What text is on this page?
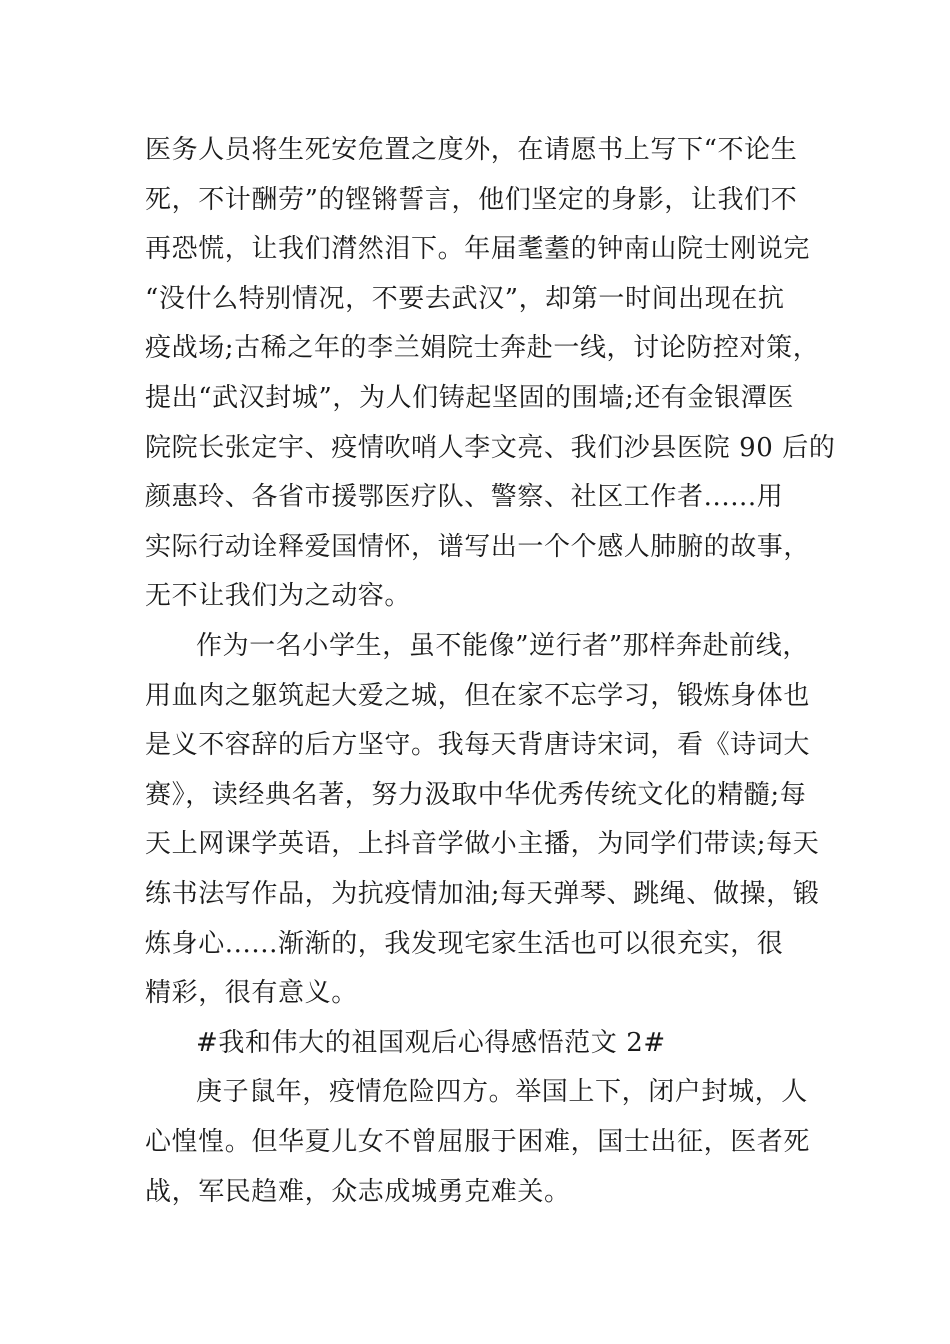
医务人员将生死安危置之度外，在请愿书上写下“不论生
死，不计酬劳”的铿锵誓言，他们坚定的身影，让我们不
再恐慌，让我们潸然泪下。年届耄耋的钟南山院士刚说完
“没什么特别情况，不要去武汉”，却第一时间出现在抗
疫战场;古稀之年的李兰娟院士奔赴一线，讨论防控对策，
提出“武汉封城”，为人们铸起坚固的围墙;还有金银潭医
院院长张定宇、疫情吹哨人李文亮、我们沙县医院 90 后的
颜惠玲、各省市援鄂医疗队、警察、社区工作者......用
实际行动诠释爱国情怀，谱写出一个个感人肺腑的故事，
无不让我们为之动容。
作为一名小学生，虽不能像”逆行者”那样奔赴前线，
用血肉之躯筑起大爱之城，但在家不忘学习，锻炼身体也
是义不容辞的后方坚守。我每天背唐诗宋词，看《诗词大
赛》，读经典名著，努力汲取中华优秀传统文化的精髓;每
天上网课学英语，上抖音学做小主播，为同学们带读;每天
练书法写作品，为抗疫情加油;每天弹琴、跳绳、做操，锻
炼身心......渐渐的，我发现宅家生活也可以很充实，很
精彩，很有意义。
#我和伟大的祖国观后心得感悟范文 2#
庚子鼠年，疫情危险四方。举国上下，闭户封城，人
心惶惶。但华夏儿女不曾屈服于困难，国士出征，医者死
战，军民趋难，众志成城勇克难关。
